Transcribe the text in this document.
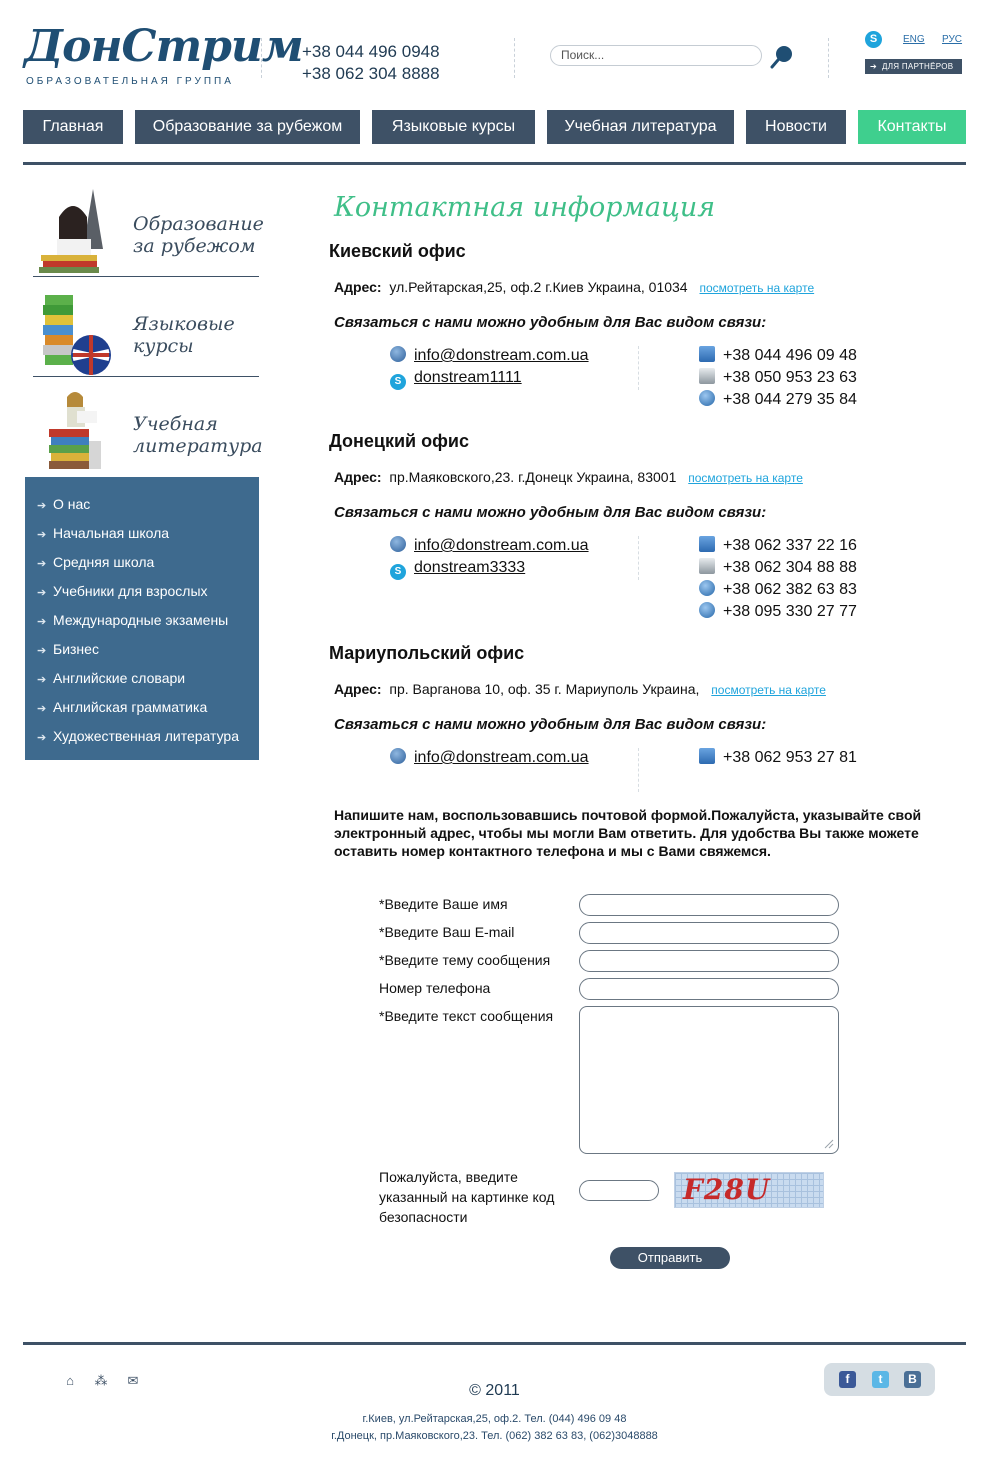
ДонСтрим
ОБРАЗОВАТЕЛЬНАЯ ГРУППА
+38 044 496 0948
+38 062 304 8888
Поиск...
S	ENG РУС
➔ ДЛЯ ПАРТНЁРОВ
Главная	Образование за рубежом	Языковые курсы	Учебная литература	Новости	Контакты
Образование
за рубежом
Языковые
курсы
Учебная
литература
➔ О нас
➔ Начальная школа
➔ Средняя школа
➔ Учебники для взрослых
➔ Международные экзамены
➔ Бизнес
➔ Английские словари
➔ Английская грамматика
➔ Художественная литература
Контактная информация
Киевский офис
Адрес: ул.Рейтарская,25, оф.2 г.Киев Украина, 01034 посмотреть на карте
Связаться с нами можно удобным для Вас видом связи:
info@donstream.com.ua
S donstream1111
+38 044 496 09 48
+38 050 953 23 63
+38 044 279 35 84
Донецкий офис
Адрес: пр.Маяковского,23. г.Донецк Украина, 83001 посмотреть на карте
Связаться с нами можно удобным для Вас видом связи:
info@donstream.com.ua
S donstream3333
+38 062 337 22 16
+38 062 304 88 88
+38 062 382 63 83
+38 095 330 27 77
Мариупольский офис
Адрес: пр. Варганова 10, оф. 35 г. Мариуполь Украина, посмотреть на карте
Связаться с нами можно удобным для Вас видом связи:
info@donstream.com.ua	+38 062 953 27 81
Напишите нам, воспользовавшись почтовой формой.Пожалуйста, указывайте свой электронный адрес, чтобы мы могли Вам ответить. Для удобства Вы также можете оставить номер контактного телефона и мы с Вами свяжемся.
*Введите Ваше имя
*Введите Ваш E-mail
*Введите тему сообщения
Номер телефона
*Введите текст сообщения
Пожалуйста, введите указанный на картинке код безопасности
F28U
Отправить
⌂	⁂ ✉
© 2011
г.Киев, ул.Рейтарская,25, оф.2. Тел. (044) 496 09 48
г.Донецк, пр.Маяковского,23. Тел. (062) 382 63 83, (062)3048888
f	t	B
